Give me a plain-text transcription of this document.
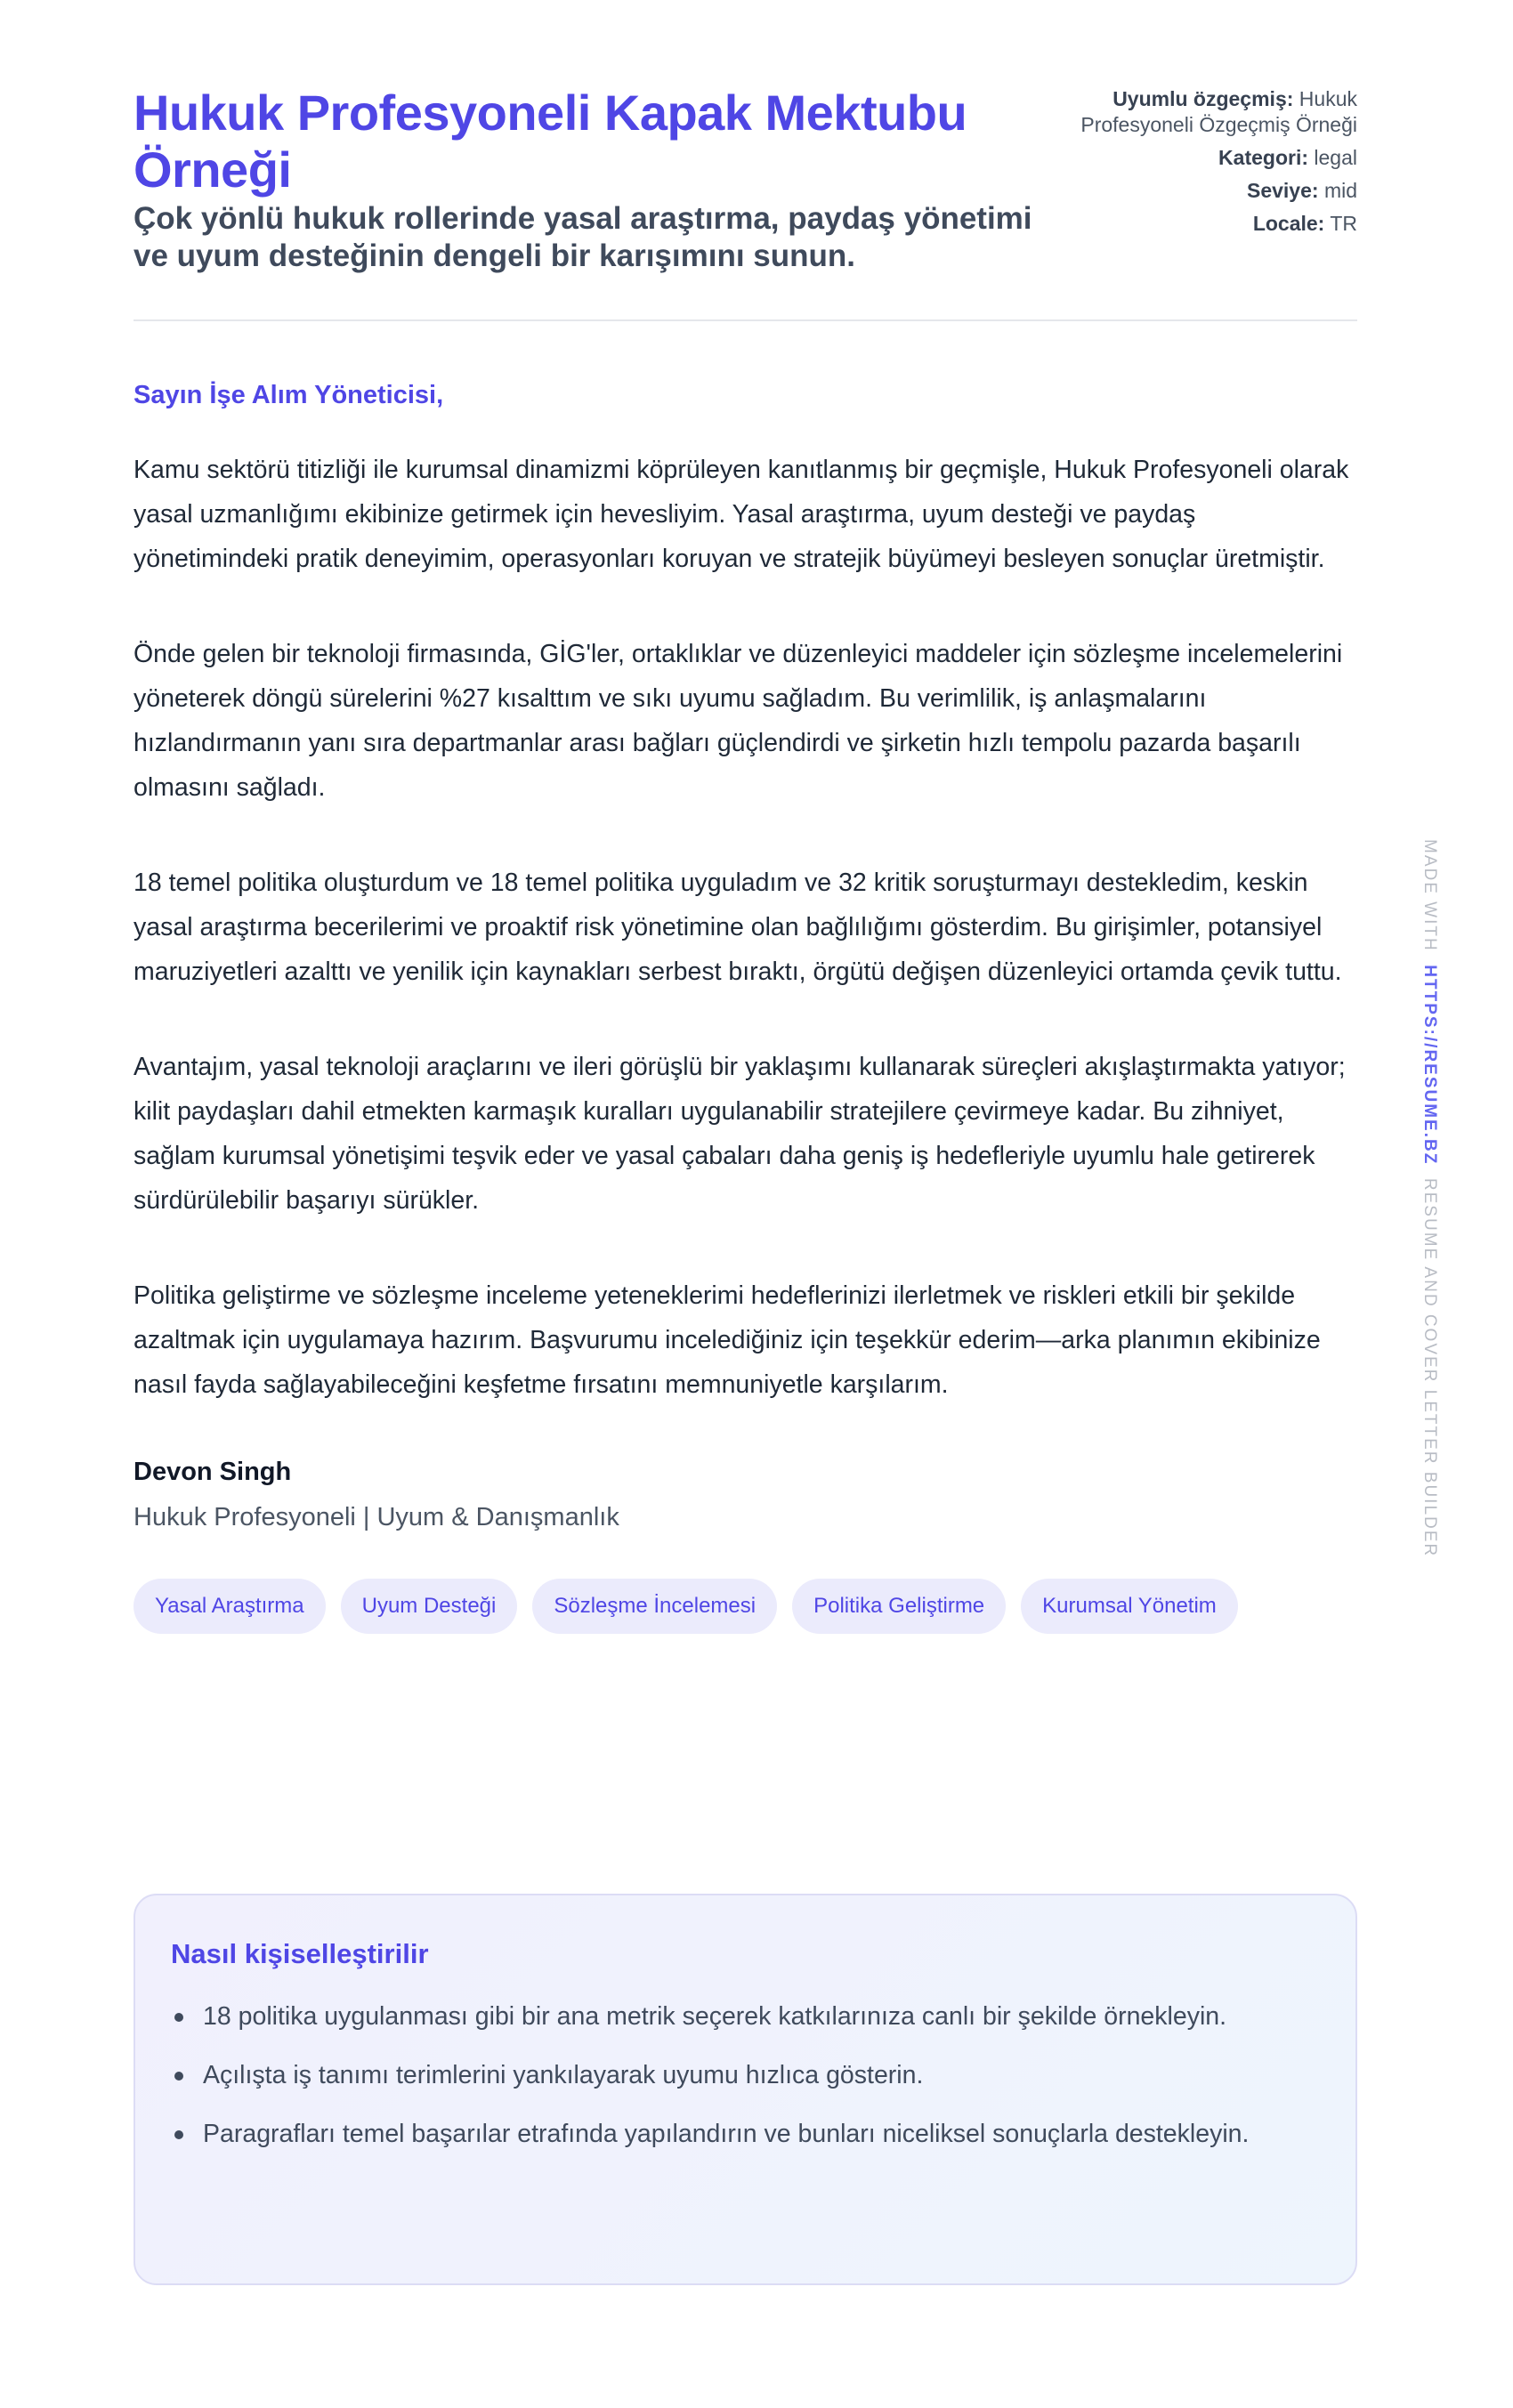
Hukuk Profesyoneli Kapak Mektubu Örneği
Çok yönlü hukuk rollerinde yasal araştırma, paydaş yönetimi ve uyum desteğinin dengeli bir karışımını sunun.
Uyumlu özgeçmiş: Hukuk Profesyoneli Özgeçmiş Örneği
Kategori: legal
Seviye: mid
Locale: TR
Sayın İşe Alım Yöneticisi,

Kamu sektörü titizliği ile kurumsal dinamizmi köprüleyen kanıtlanmış bir geçmişle, Hukuk Profesyoneli olarak yasal uzmanlığımı ekibinize getirmek için hevesliyim. Yasal araştırma, uyum desteği ve paydaş yönetimindeki pratik deneyimim, operasyonları koruyan ve stratejik büyümeyi besleyen sonuçlar üretmiştir.

Önde gelen bir teknoloji firmasında, GİG'ler, ortaklıklar ve düzenleyici maddeler için sözleşme incelemelerini yöneterek döngü sürelerini %27 kısalttım ve sıkı uyumu sağladım. Bu verimlilik, iş anlaşmalarını hızlandırmanın yanı sıra departmanlar arası bağları güçlendirdi ve şirketin hızlı tempolu pazarda başarılı olmasını sağladı.

18 temel politika oluşturdum ve 18 temel politika uyguladım ve 32 kritik soruşturmayı destekledim, keskin yasal araştırma becerilerimi ve proaktif risk yönetimine olan bağlılığımı gösterdim. Bu girişimler, potansiyel maruziyetleri azalttı ve yenilik için kaynakları serbest bıraktı, örgütü değişen düzenleyici ortamda çevik tuttu.

Avantajım, yasal teknoloji araçlarını ve ileri görüşlü bir yaklaşımı kullanarak süreçleri akışlaştırmakta yatıyor; kilit paydaşları dahil etmekten karmaşık kuralları uygulanabilir stratejilere çevirmeye kadar. Bu zihniyet, sağlam kurumsal yönetişimi teşvik eder ve yasal çabaları daha geniş iş hedefleriyle uyumlu hale getirerek sürdürülebilir başarıyı sürükler.

Politika geliştirme ve sözleşme inceleme yeteneklerimi hedeflerinizi ilerletmek ve riskleri etkili bir şekilde azaltmak için uygulamaya hazırım. Başvurumu incelediğiniz için teşekkür ederim—arka planımın ekibinize nasıl fayda sağlayabileceğini keşfetme fırsatını memnuniyetle karşılarım.

Devon Singh
Hukuk Profesyoneli | Uyum & Danışmanlık
Yasal Araştırma	Uyum Desteği	Sözleşme İncelemesi	Politika Geliştirme	Kurumsal Yönetim
Nasıl kişiselleştirilir
18 politika uygulanması gibi bir ana metrik seçerek katkılarınıza canlı bir şekilde örnekleyin.
Açılışta iş tanımı terimlerini yankılayarak uyumu hızlıca gösterin.
Paragrafları temel başarılar etrafında yapılandırın ve bunları niceliksel sonuçlarla destekleyin.
MADE WITH  HTTPS://RESUME.BZ  RESUME AND COVER LETTER BUILDER
